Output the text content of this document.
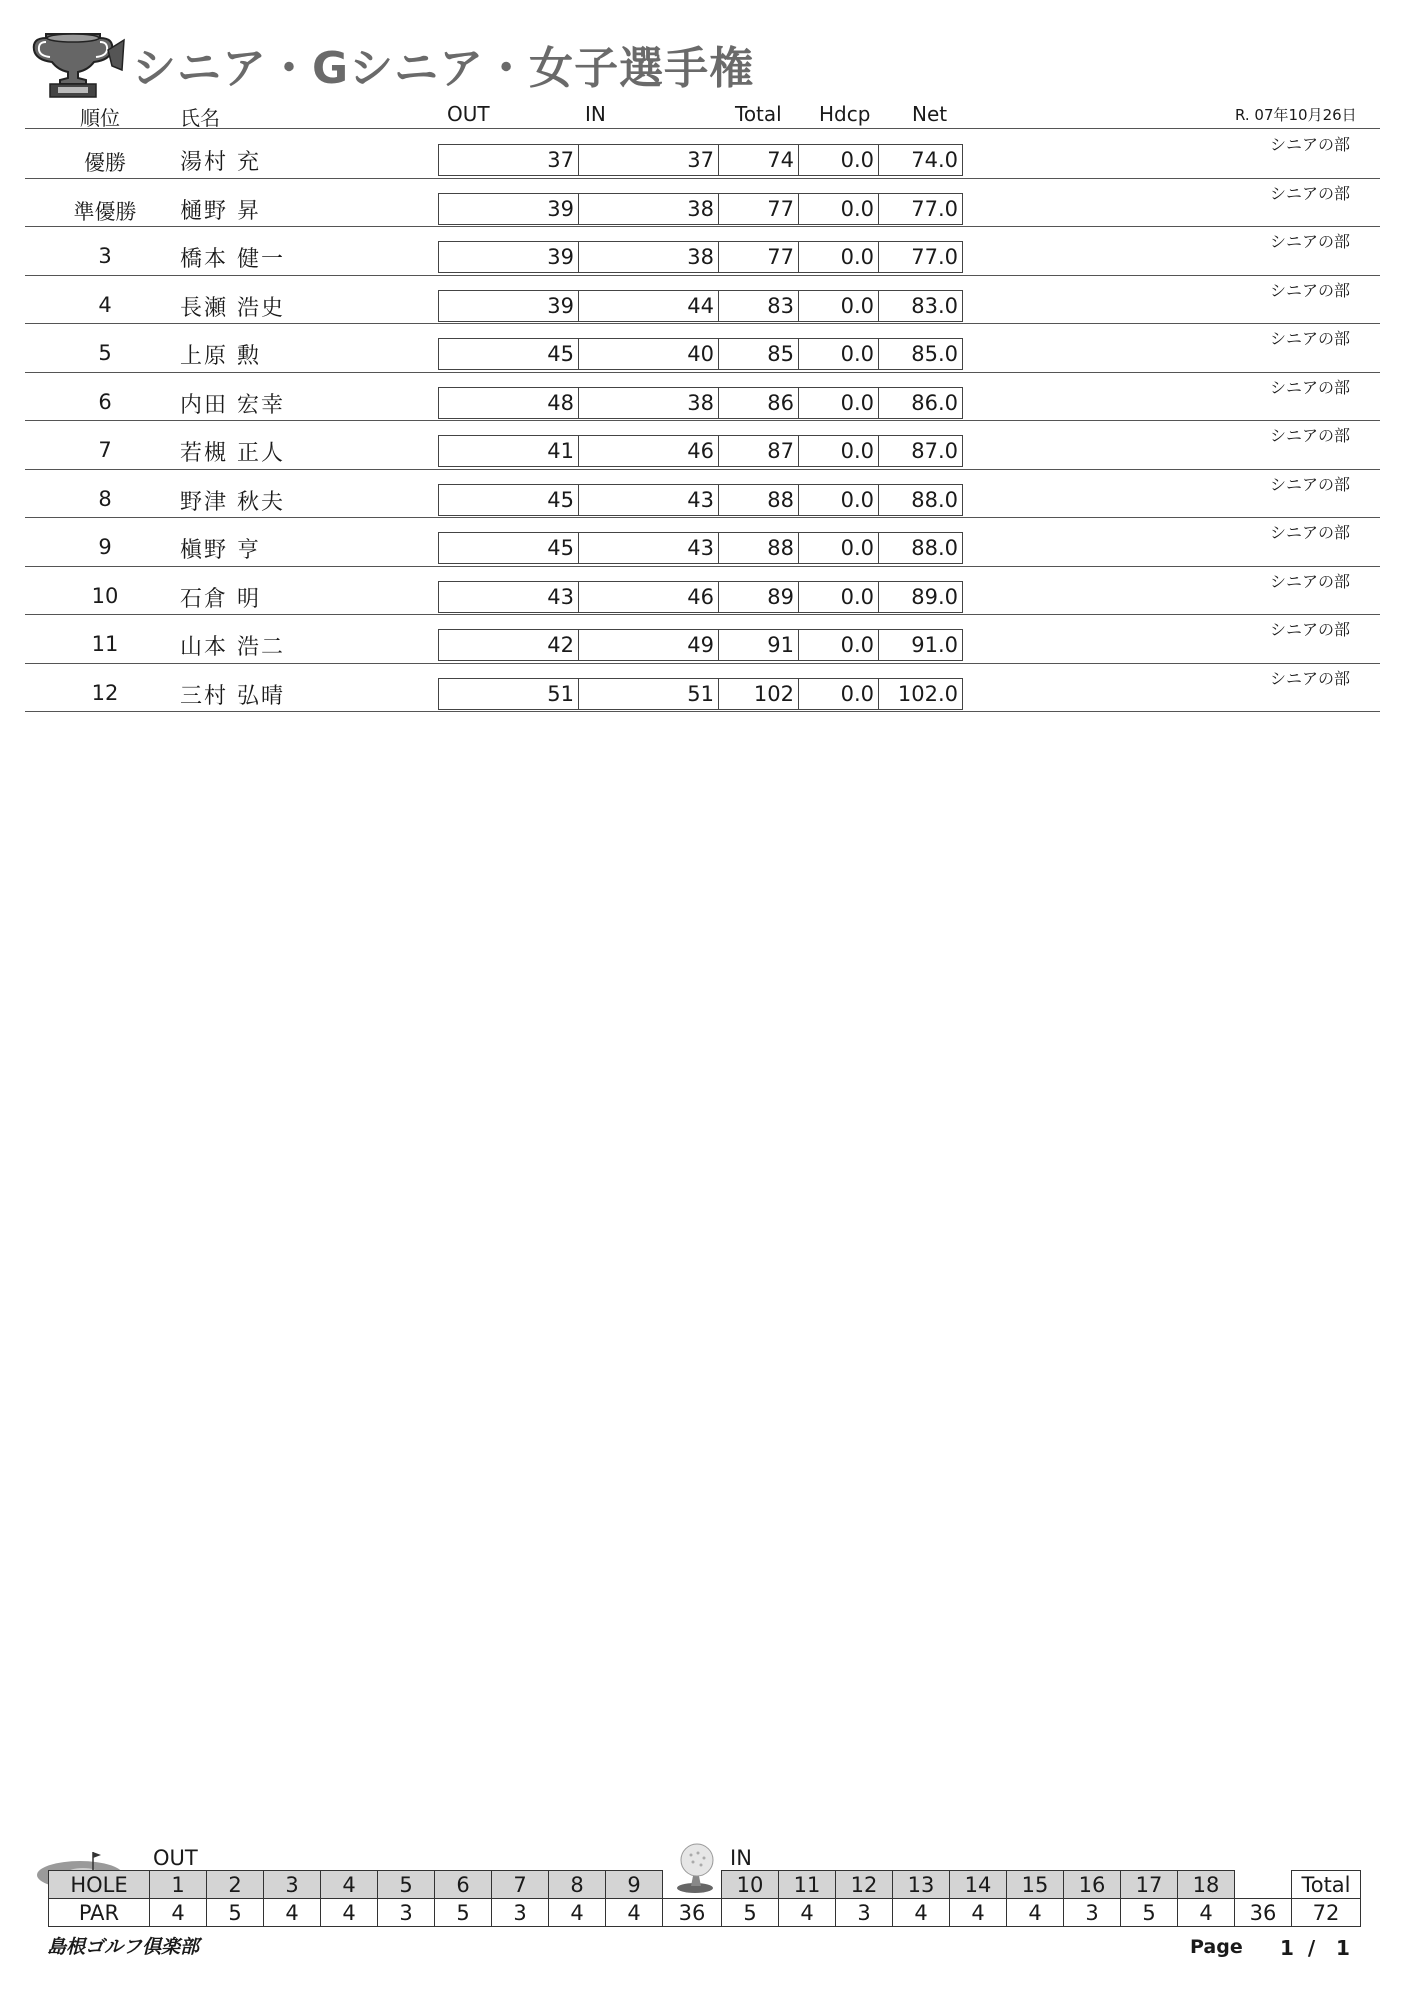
シニア・Gシニア・女子選手権
順位	氏名	OUT	IN	Total Hdcp Net	R. 07年10月26日
シニアの部
優勝	湯村 充	37	37	74	0.0	74.0
シニアの部
準優勝	樋野 昇	39	38	77	0.0	77.0
シニアの部
3	橋本 健一	39	38	77	0.0	77.0
シニアの部
4	長瀬 浩史	39	44	83	0.0	83.0
シニアの部
5	上原 勲	45	40	85	0.0	85.0
シニアの部
6	内田 宏幸	48	38	86	0.0	86.0
シニアの部
7	若槻 正人	41	46	87	0.0	87.0
シニアの部
8	野津 秋夫	45	43	88	0.0	88.0
シニアの部
9	槇野 亨	45	43	88	0.0	88.0
シニアの部
10	石倉 明	43	46	89	0.0	89.0
シニアの部
11	山本 浩二	42	49	91	0.0	91.0
シニアの部
12	三村 弘晴	51	51	102	0.0	102.0
OUT	IN
HOLE	1	2	3	4	5	6	7	8	9		10	11	12	13	14	15	16	17	18		Total
PAR	4	5	4	4	3	5	3	4	4	36	5	4	3	4	4	4	3	5	4	36	72
島根ゴルフ倶楽部	Page 1  /   1
